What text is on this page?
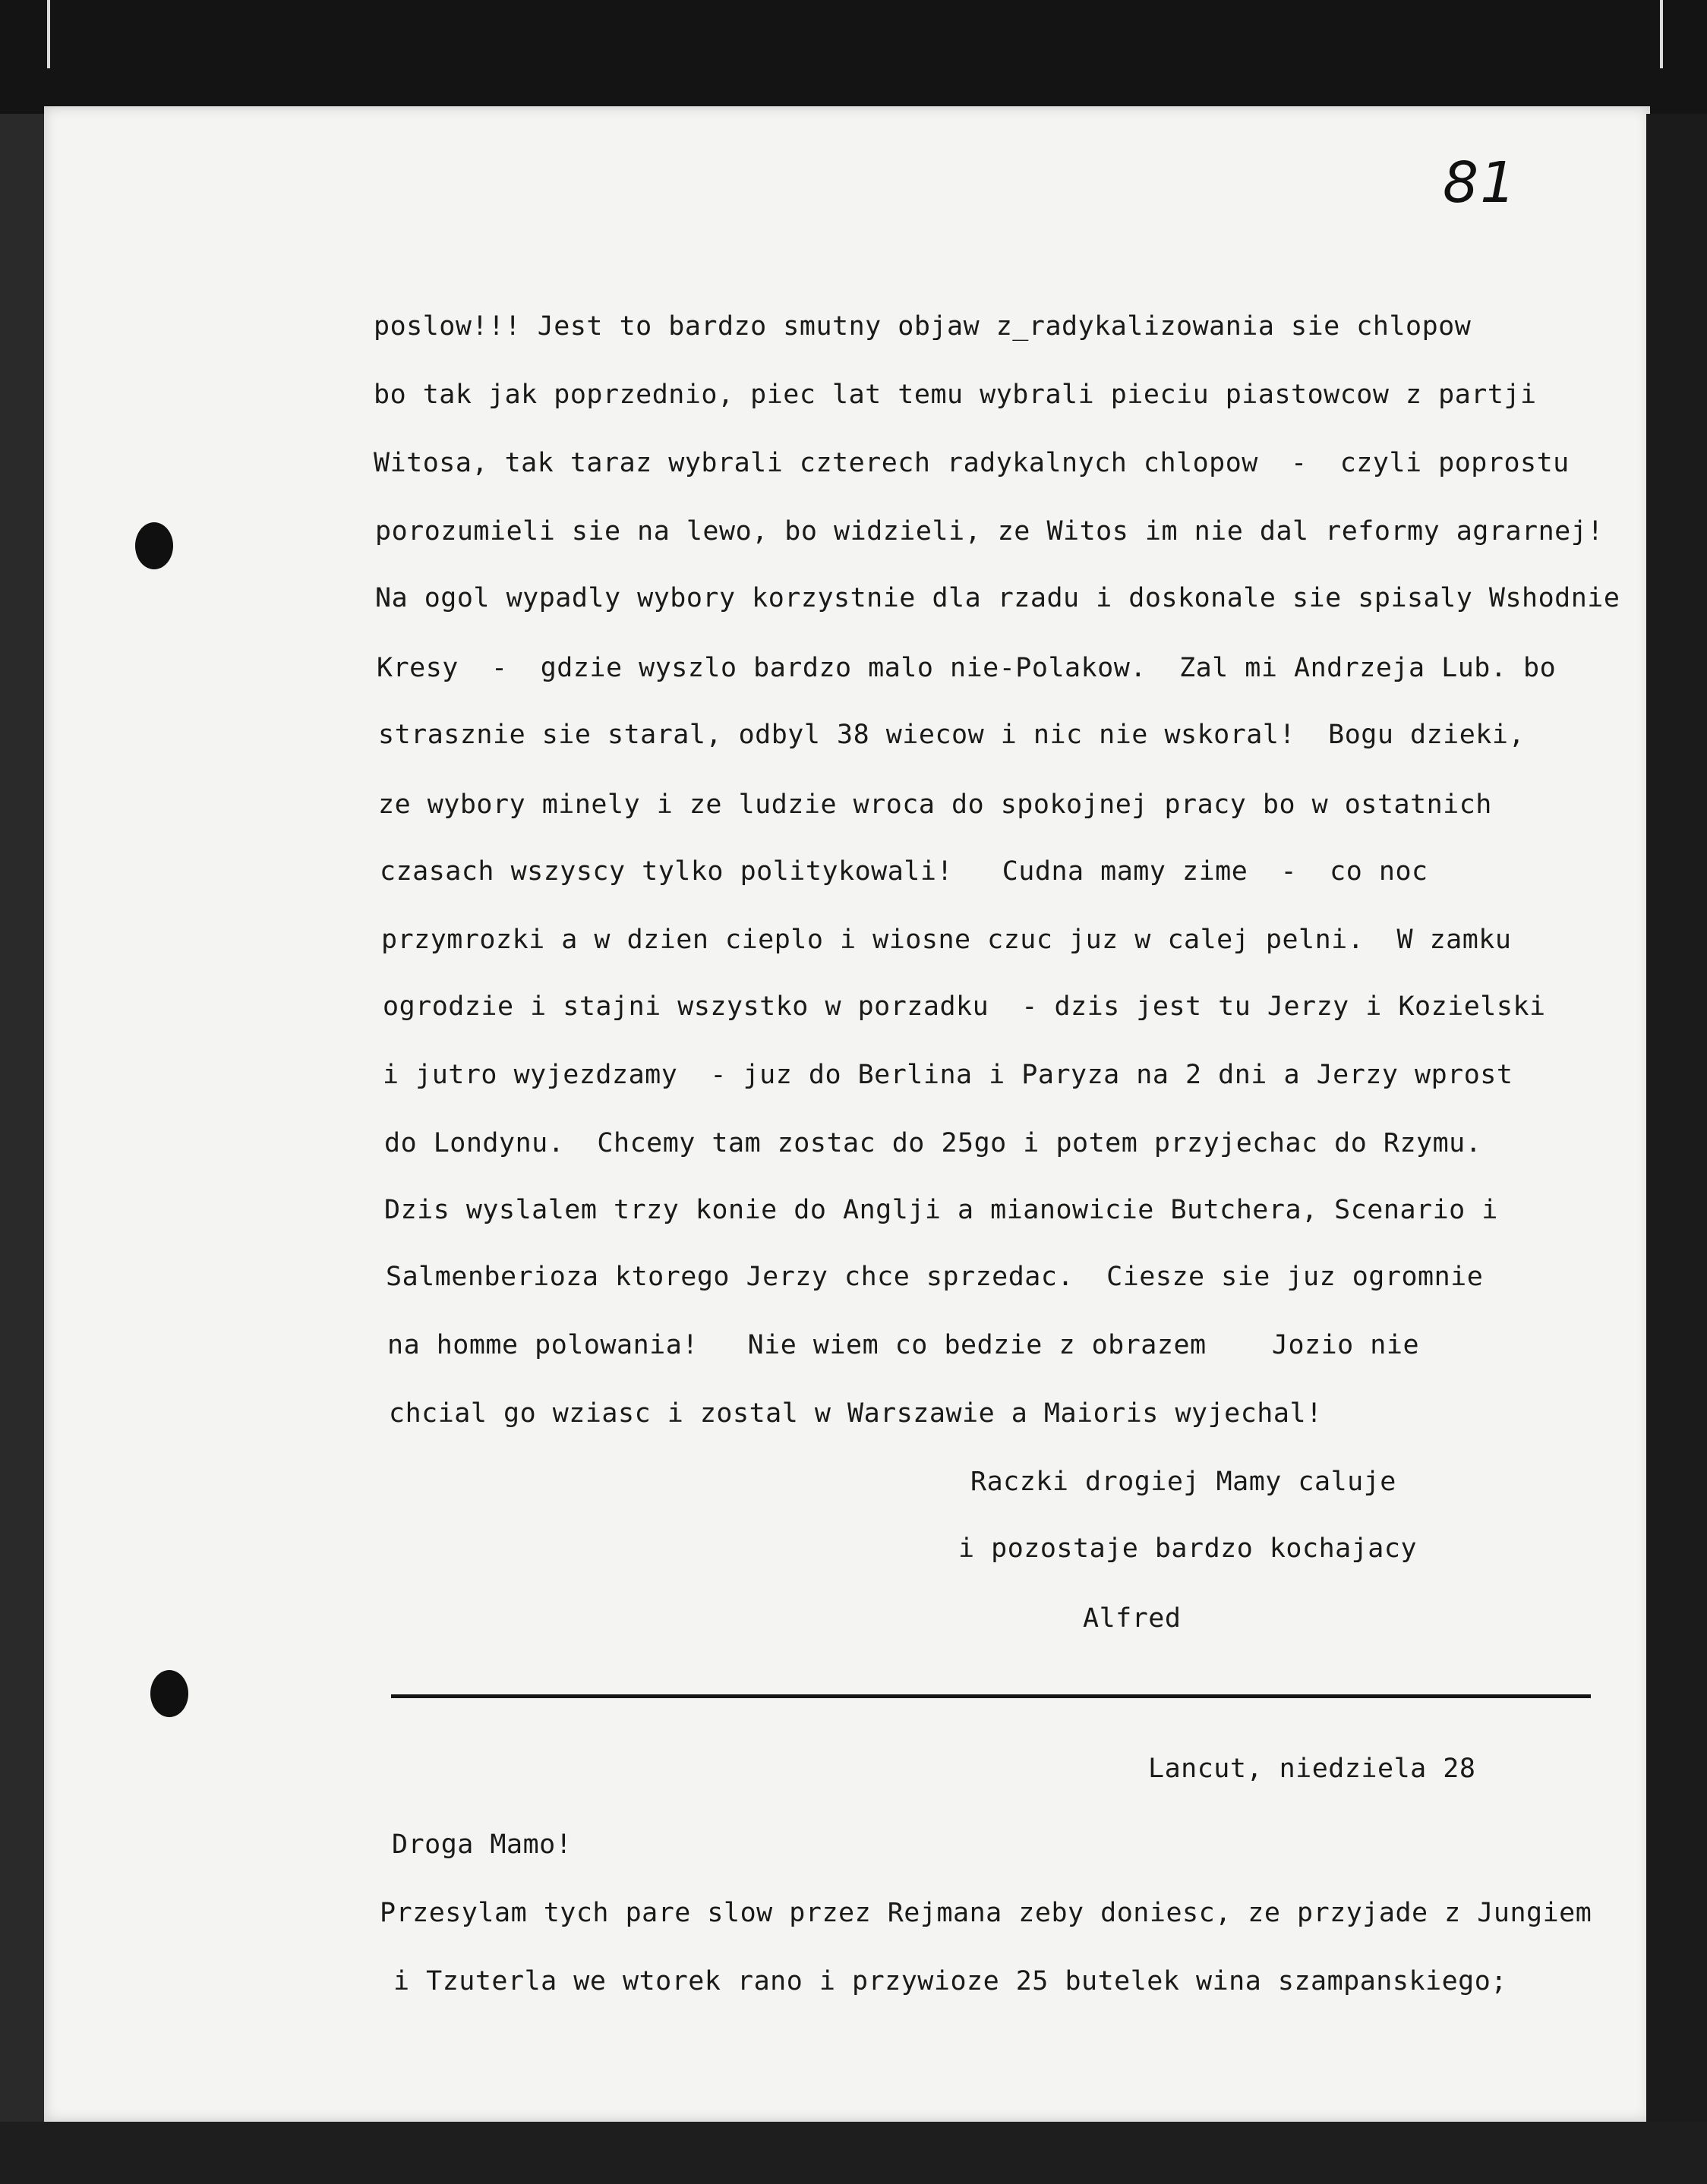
81
poslow!!! Jest to bardzo smutny objaw z_radykalizowania sie chlopow
bo tak jak poprzednio, piec lat temu wybrali pieciu piastowcow z partji
Witosa, tak taraz wybrali czterech radykalnych chlopow  -  czyli poprostu
porozumieli sie na lewo, bo widzieli, ze Witos im nie dal reformy agrarnej!
Na ogol wypadly wybory korzystnie dla rzadu i doskonale sie spisaly Wshodnie
Kresy  -  gdzie wyszlo bardzo malo nie-Polakow.  Zal mi Andrzeja Lub. bo
strasznie sie staral, odbyl 38 wiecow i nic nie wskoral!  Bogu dzieki,
ze wybory minely i ze ludzie wroca do spokojnej pracy bo w ostatnich
czasach wszyscy tylko politykowali!   Cudna mamy zime  -  co noc
przymrozki a w dzien cieplo i wiosne czuc juz w calej pelni.  W zamku
ogrodzie i stajni wszystko w porzadku  - dzis jest tu Jerzy i Kozielski
i jutro wyjezdzamy  - juz do Berlina i Paryza na 2 dni a Jerzy wprost
do Londynu.  Chcemy tam zostac do 25go i potem przyjechac do Rzymu.
Dzis wyslalem trzy konie do Anglji a mianowicie Butchera, Scenario i
Salmenberioza ktorego Jerzy chce sprzedac.  Ciesze sie juz ogromnie
na homme polowania!   Nie wiem co bedzie z obrazem    Jozio nie
chcial go wziasc i zostal w Warszawie a Maioris wyjechal!
Raczki drogiej Mamy caluje
i pozostaje bardzo kochajacy
Alfred
Lancut, niedziela 28
Droga Mamo!
Przesylam tych pare slow przez Rejmana zeby doniesc, ze przyjade z Jungiem
i Tzuterla we wtorek rano i przywioze 25 butelek wina szampanskiego;
